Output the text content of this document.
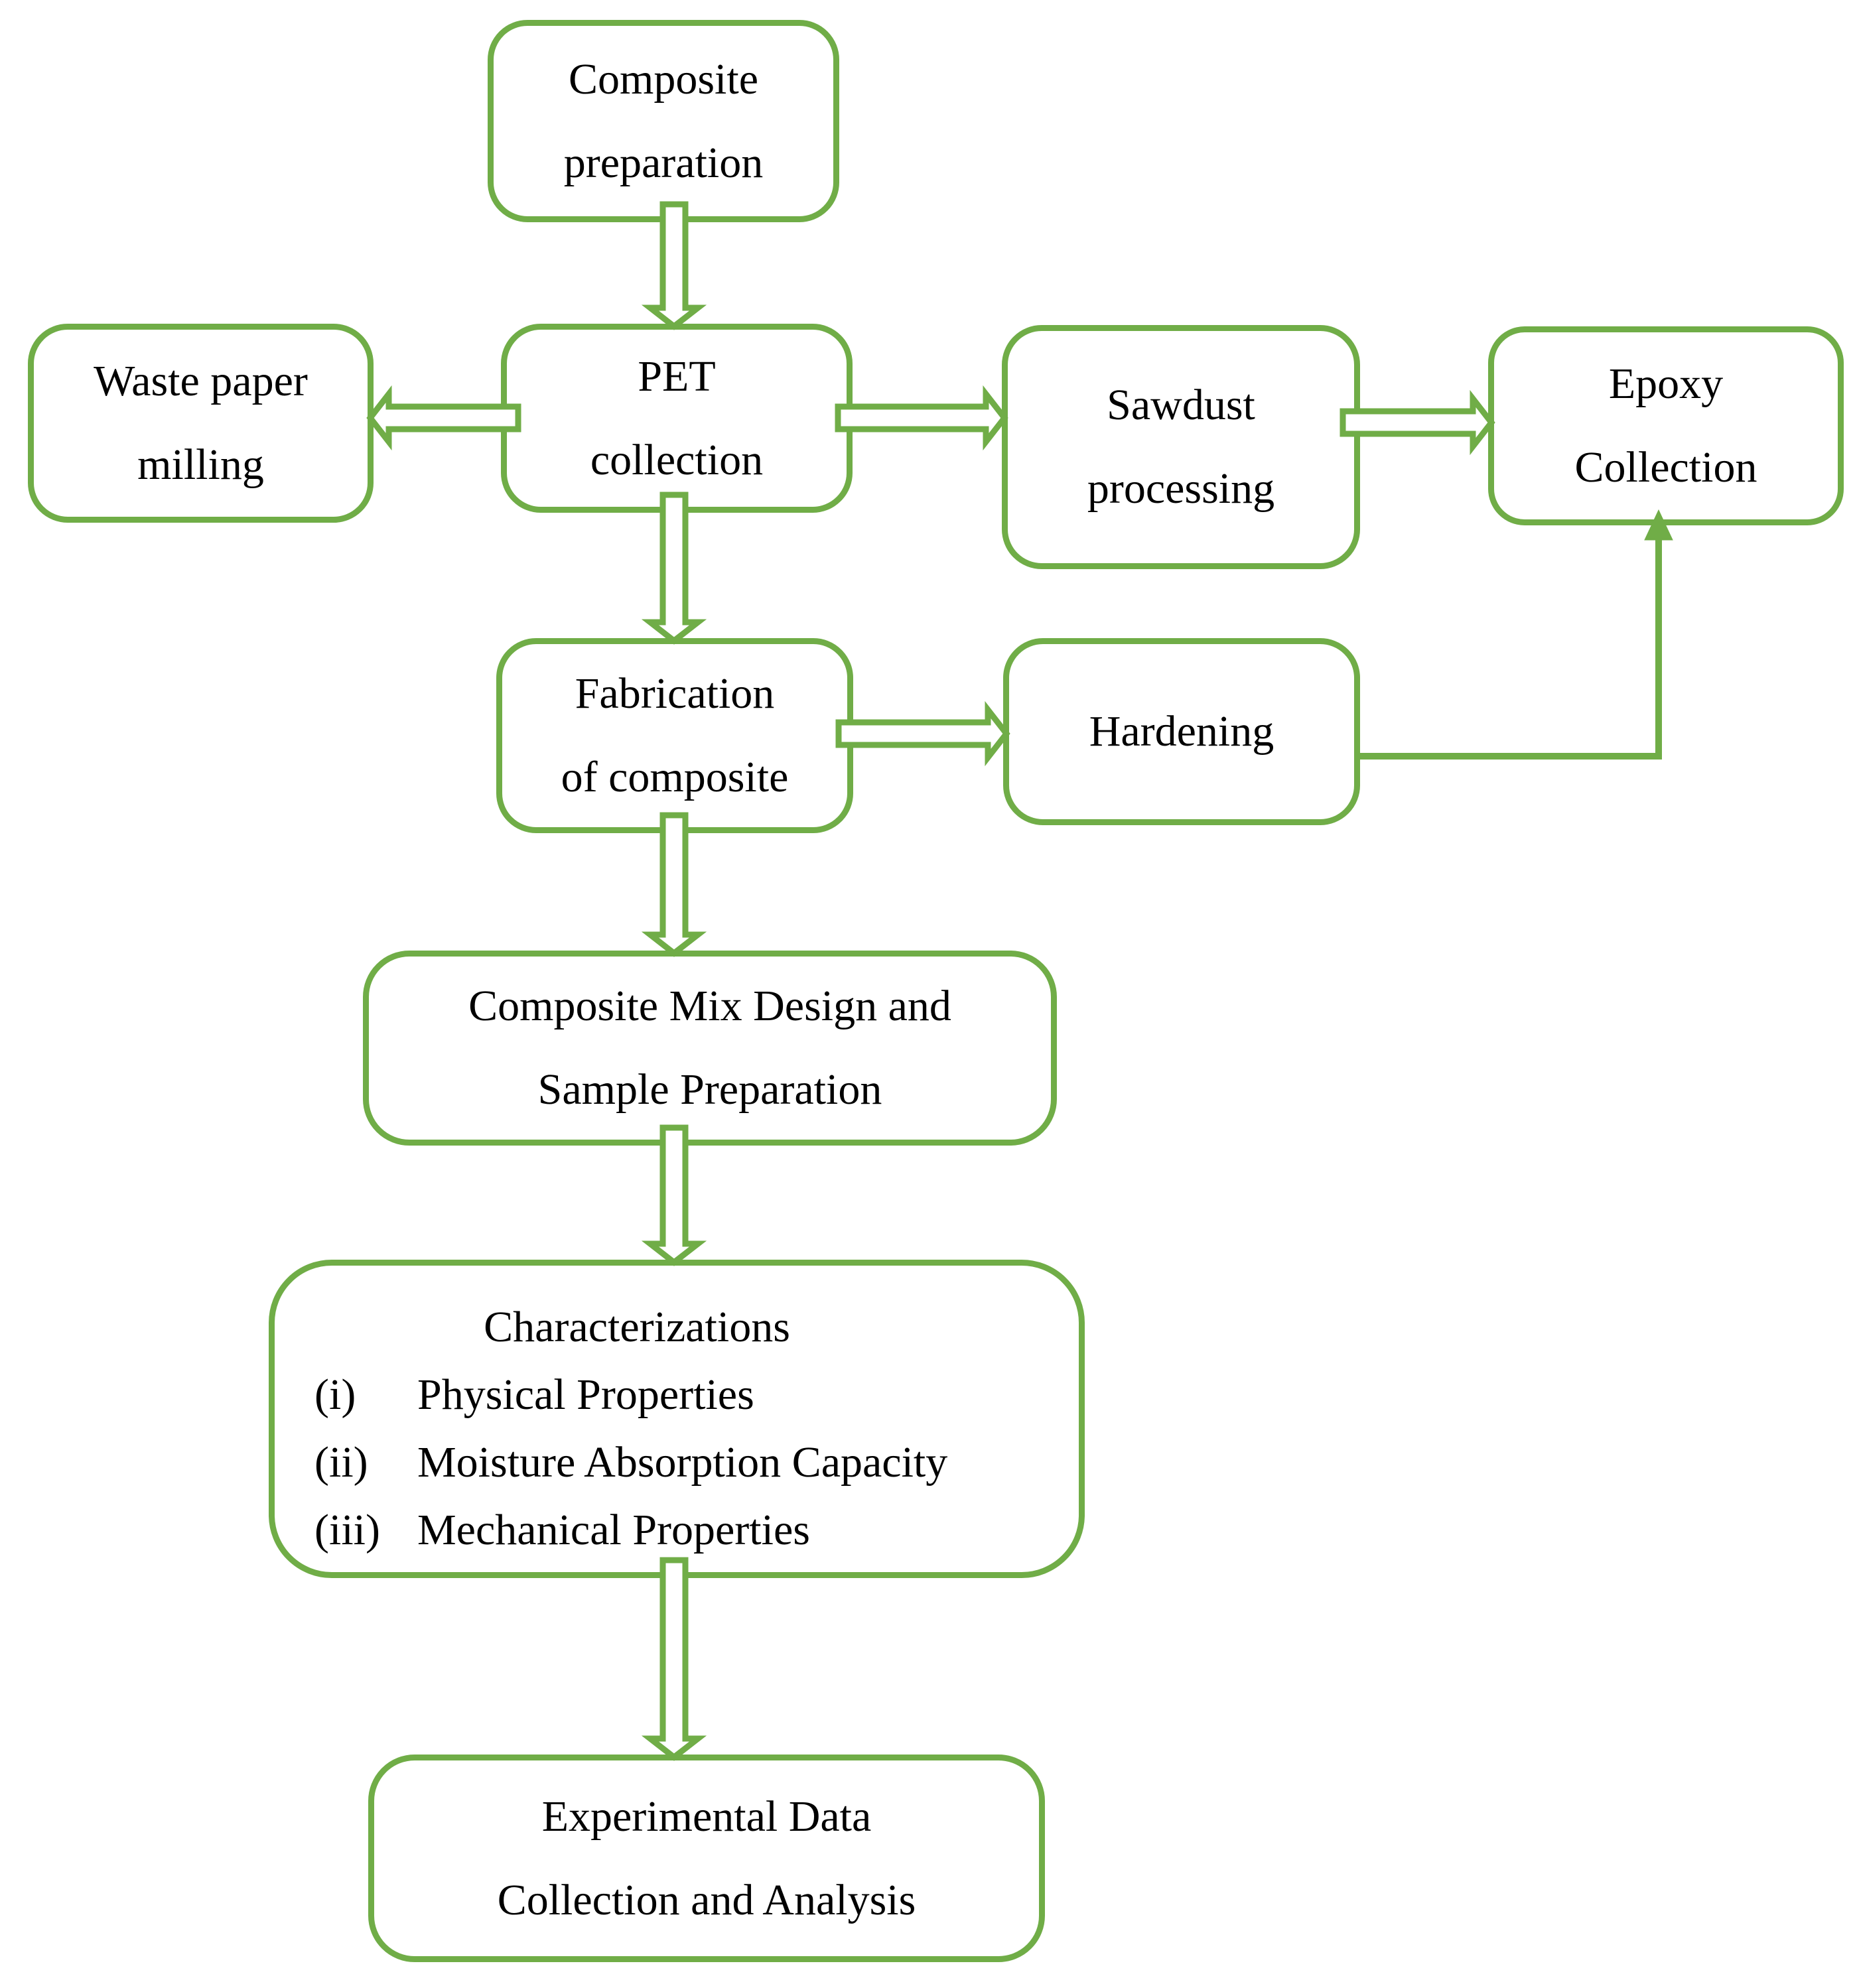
Composite
preparation
PET
collection
Waste paper
milling
Sawdust
processing
Epoxy
Collection
Fabrication
of composite
Hardening
Composite Mix Design and
Sample Preparation
Characterizations
(i)	Physical Properties
(ii)	Moisture Absorption Capacity
(iii) Mechanical Properties
Experimental Data
Collection and Analysis
